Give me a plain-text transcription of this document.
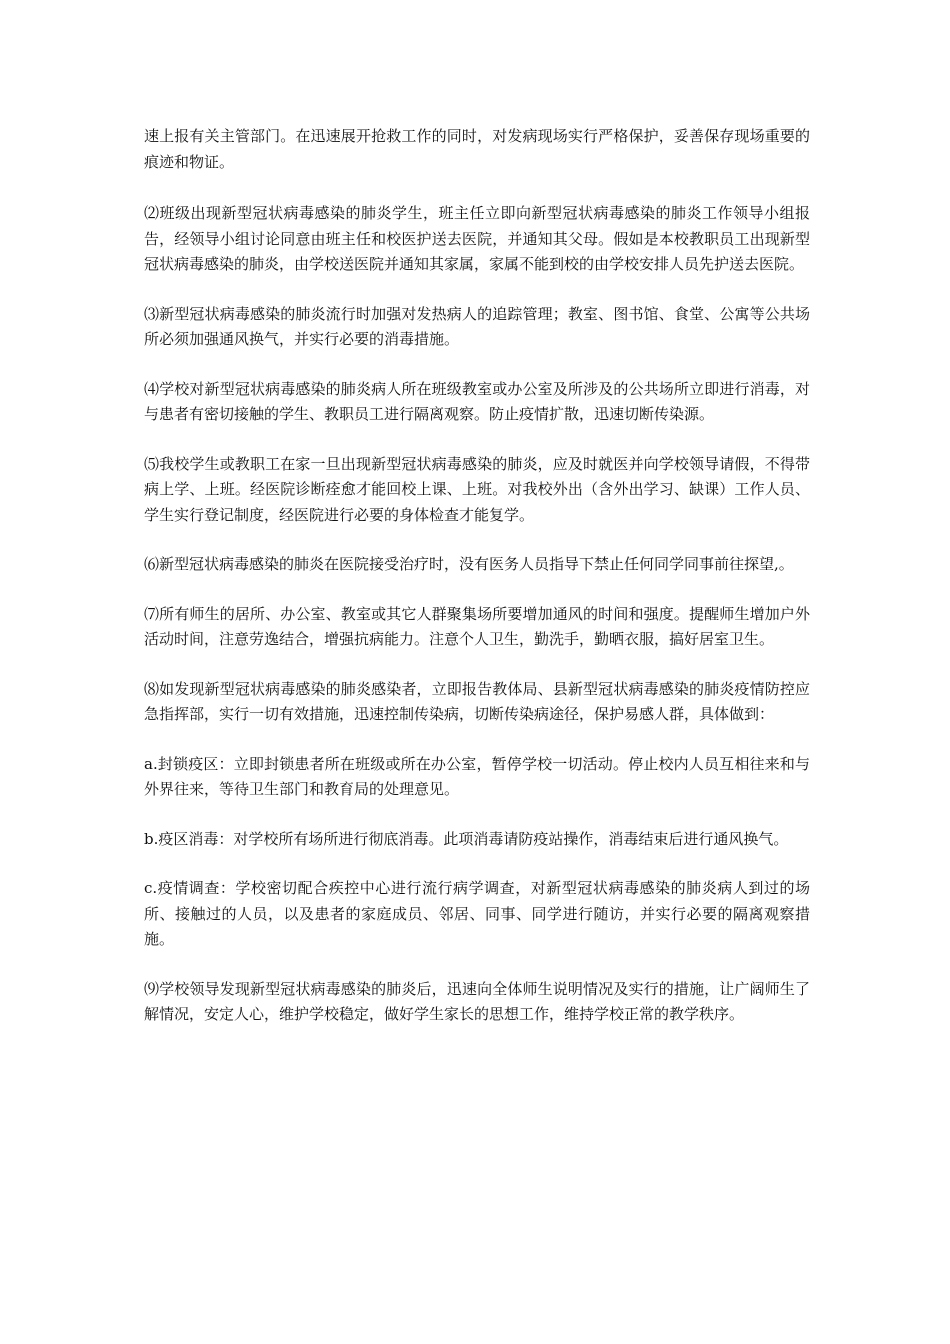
速上报有关主管部门。在迅速展开抢救工作的同时，对发病现场实行严格保护，妥善保存现场重要的痕迹和物证。

⑵班级出现新型冠状病毒感染的肺炎学生，班主任立即向新型冠状病毒感染的肺炎工作领导小组报告，经领导小组讨论同意由班主任和校医护送去医院，并通知其父母。假如是本校教职员工出现新型冠状病毒感染的肺炎，由学校送医院并通知其家属，家属不能到校的由学校安排人员先护送去医院。

⑶新型冠状病毒感染的肺炎流行时加强对发热病人的追踪管理；教室、图书馆、食堂、公寓等公共场所必须加强通风换气，并实行必要的消毒措施。

⑷学校对新型冠状病毒感染的肺炎病人所在班级教室或办公室及所涉及的公共场所立即进行消毒，对与患者有密切接触的学生、教职员工进行隔离观察。防止疫情扩散，迅速切断传染源。

⑸我校学生或教职工在家一旦出现新型冠状病毒感染的肺炎，应及时就医并向学校领导请假，不得带病上学、上班。经医院诊断痊愈才能回校上课、上班。对我校外出（含外出学习、缺课）工作人员、学生实行登记制度，经医院进行必要的身体检查才能复学。

⑹新型冠状病毒感染的肺炎在医院接受治疗时，没有医务人员指导下禁止任何同学同事前往探望,。

⑺所有师生的居所、办公室、教室或其它人群聚集场所要增加通风的时间和强度。提醒师生增加户外活动时间，注意劳逸结合，增强抗病能力。注意个人卫生，勤洗手，勤晒衣服，搞好居室卫生。

⑻如发现新型冠状病毒感染的肺炎感染者，立即报告教体局、县新型冠状病毒感染的肺炎疫情防控应急指挥部，实行一切有效措施，迅速控制传染病，切断传染病途径，保护易感人群，具体做到：

a.封锁疫区：立即封锁患者所在班级或所在办公室，暂停学校一切活动。停止校内人员互相往来和与外界往来，等待卫生部门和教育局的处理意见。

b.疫区消毒：对学校所有场所进行彻底消毒。此项消毒请防疫站操作，消毒结束后进行通风换气。

c.疫情调查：学校密切配合疾控中心进行流行病学调查，对新型冠状病毒感染的肺炎病人到过的场所、接触过的人员，以及患者的家庭成员、邻居、同事、同学进行随访，并实行必要的隔离观察措施。

⑼学校领导发现新型冠状病毒感染的肺炎后，迅速向全体师生说明情况及实行的措施，让广阔师生了解情况，安定人心，维护学校稳定，做好学生家长的思想工作，维持学校正常的教学秩序。
